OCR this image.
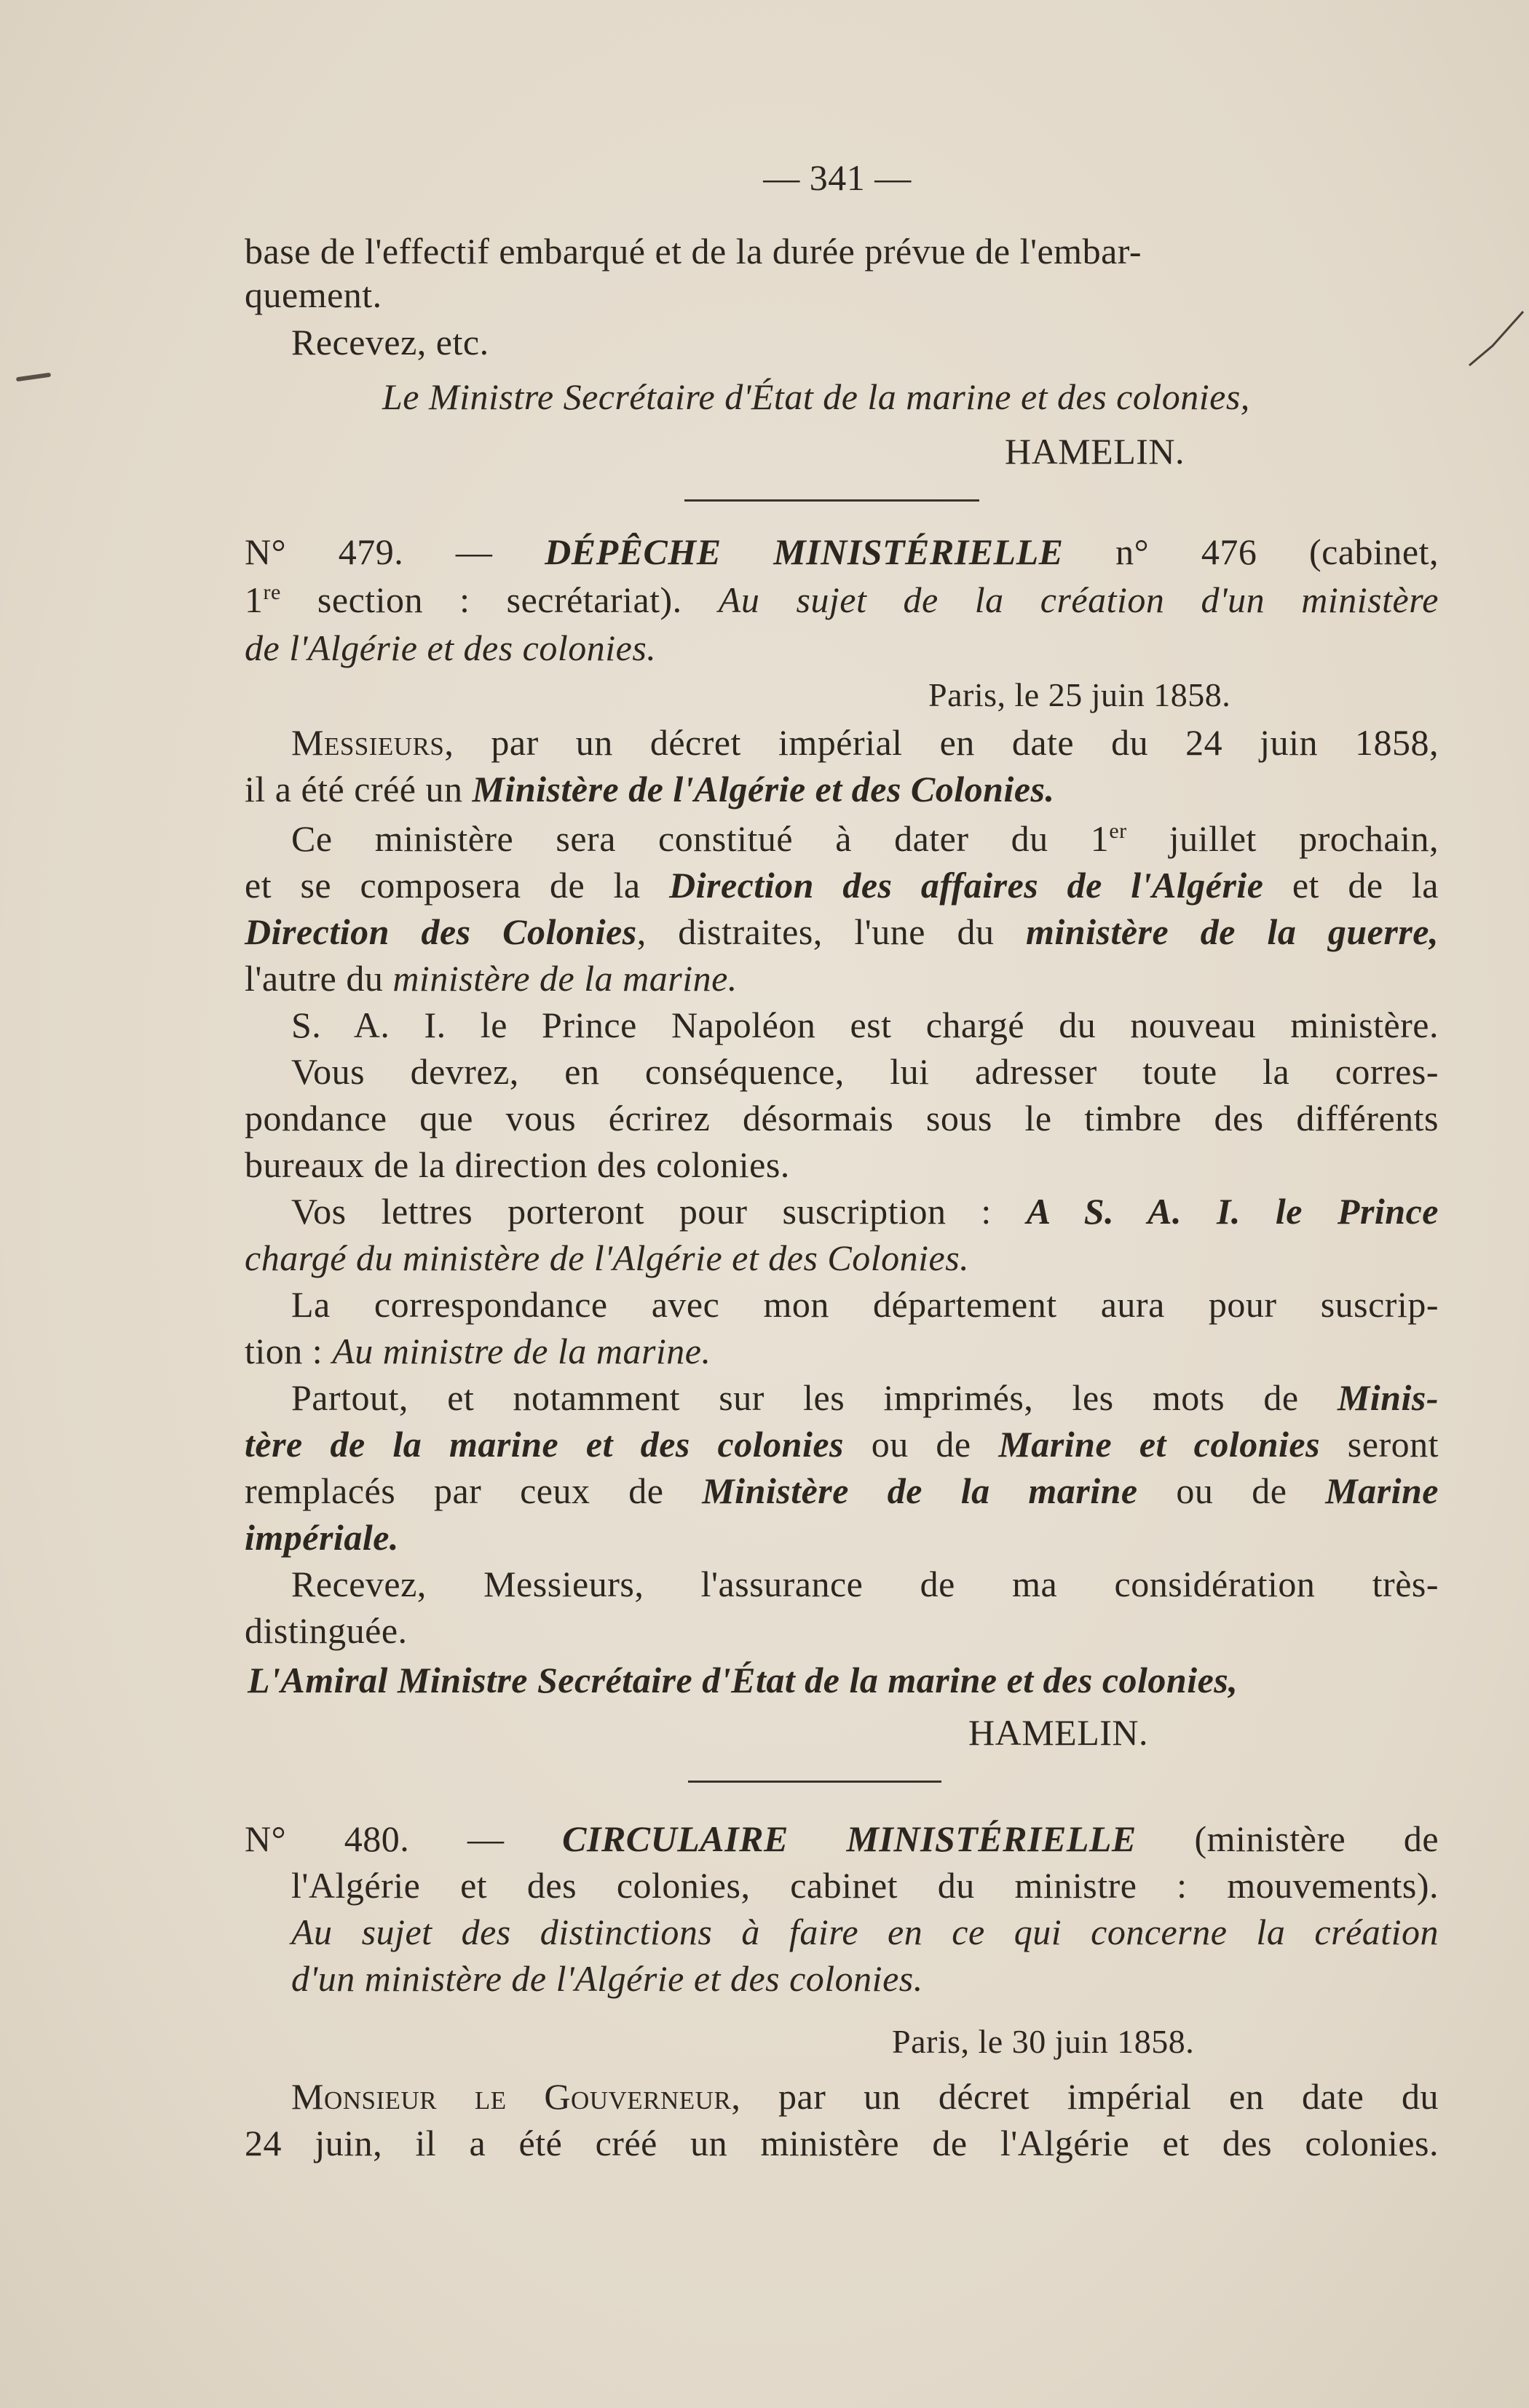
— 341 —
base de l'effectif embarqué et de la durée prévue de l'embar-
quement.
Recevez, etc.
Le Ministre Secrétaire d'État de la marine et des colonies,
HAMELIN.
N° 479. — DÉPÊCHE MINISTÉRIELLE n° 476 (cabinet,
1re section : secrétariat). Au sujet de la création d'un ministère
de l'Algérie et des colonies.
Paris, le 25 juin 1858.
Messieurs, par un décret impérial en date du 24 juin 1858,
il a été créé un Ministère de l'Algérie et des Colonies.
Ce ministère sera constitué à dater du 1er juillet prochain,
et se composera de la Direction des affaires de l'Algérie et de la
Direction des Colonies, distraites, l'une du ministère de la guerre,
l'autre du ministère de la marine.
S. A. I. le Prince Napoléon est chargé du nouveau ministère.
Vous devrez, en conséquence, lui adresser toute la corres-
pondance que vous écrirez désormais sous le timbre des différents
bureaux de la direction des colonies.
Vos lettres porteront pour suscription : A S. A. I. le Prince
chargé du ministère de l'Algérie et des Colonies.
La correspondance avec mon département aura pour suscrip-
tion : Au ministre de la marine.
Partout, et notamment sur les imprimés, les mots de Minis-
tère de la marine et des colonies ou de Marine et colonies seront
remplacés par ceux de Ministère de la marine ou de Marine
impériale.
Recevez, Messieurs, l'assurance de ma considération très-
distinguée.
L'Amiral Ministre Secrétaire d'État de la marine et des colonies,
HAMELIN.
N° 480. — CIRCULAIRE MINISTÉRIELLE (ministère de
l'Algérie et des colonies, cabinet du ministre : mouvements).
Au sujet des distinctions à faire en ce qui concerne la création
d'un ministère de l'Algérie et des colonies.
Paris, le 30 juin 1858.
Monsieur le Gouverneur, par un décret impérial en date du
24 juin, il a été créé un ministère de l'Algérie et des colonies.
